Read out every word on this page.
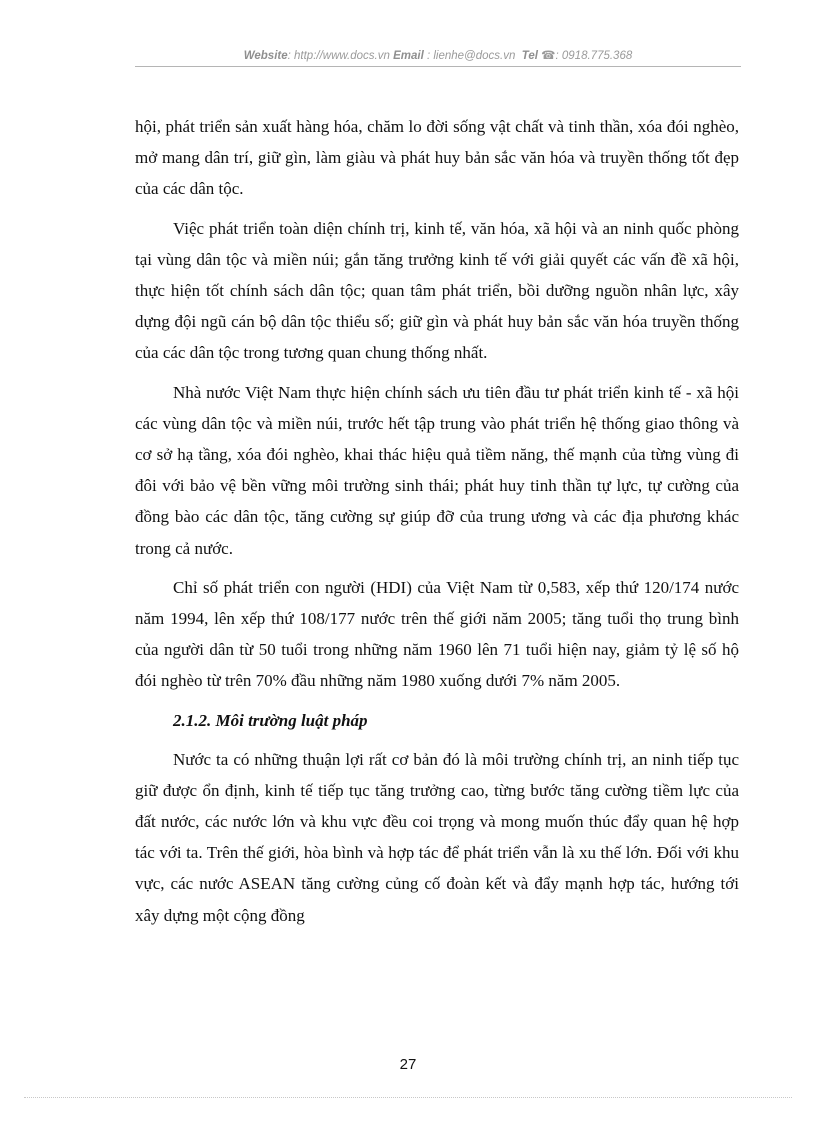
Website: http://www.docs.vn Email : lienhe@docs.vn  Tel ☎: 0918.775.368

hội, phát triển sản xuất hàng hóa, chăm lo đời sống vật chất và tinh thần, xóa đói nghèo, mở mang dân trí, giữ gìn, làm giàu và phát huy bản sắc văn hóa và truyền thống tốt đẹp của các dân tộc.

Việc phát triển toàn diện chính trị, kinh tế, văn hóa, xã hội và an ninh quốc phòng tại vùng dân tộc và miền núi; gắn tăng trưởng kinh tế với giải quyết các vấn đề xã hội, thực hiện tốt chính sách dân tộc; quan tâm phát triển, bồi dưỡng nguồn nhân lực, xây dựng đội ngũ cán bộ dân tộc thiểu số; giữ gìn và phát huy bản sắc văn hóa truyền thống của các dân tộc trong tương quan chung thống nhất.

Nhà nước Việt Nam thực hiện chính sách ưu tiên đầu tư phát triển kinh tế - xã hội các vùng dân tộc và miền núi, trước hết tập trung vào phát triển hệ thống giao thông và cơ sở hạ tầng, xóa đói nghèo, khai thác hiệu quả tiềm năng, thế mạnh của từng vùng đi đôi với bảo vệ bền vững môi trường sinh thái; phát huy tinh thần tự lực, tự cường của đồng bào các dân tộc, tăng cường sự giúp đỡ của trung ương và các địa phương khác trong cả nước.

Chỉ số phát triển con người (HDI) của Việt Nam từ 0,583, xếp thứ 120/174 nước năm 1994, lên xếp thứ 108/177 nước trên thế giới năm 2005; tăng tuổi thọ trung bình của người dân từ 50 tuổi trong những năm 1960 lên 71 tuổi hiện nay, giảm tỷ lệ số hộ đói nghèo từ trên 70% đầu những năm 1980 xuống dưới 7% năm 2005.

2.1.2. Môi trường luật pháp

Nước ta có những thuận lợi rất cơ bản đó là môi trường chính trị, an ninh tiếp tục giữ được ổn định, kinh tế tiếp tục tăng trưởng cao, từng bước tăng cường tiềm lực của đất nước, các nước lớn và khu vực đều coi trọng và mong muốn thúc đẩy quan hệ hợp tác với ta. Trên thế giới, hòa bình và hợp tác để phát triển vẫn là xu thế lớn. Đối với khu vực, các nước ASEAN tăng cường củng cố đoàn kết và đẩy mạnh hợp tác, hướng tới xây dựng một cộng đồng

27
